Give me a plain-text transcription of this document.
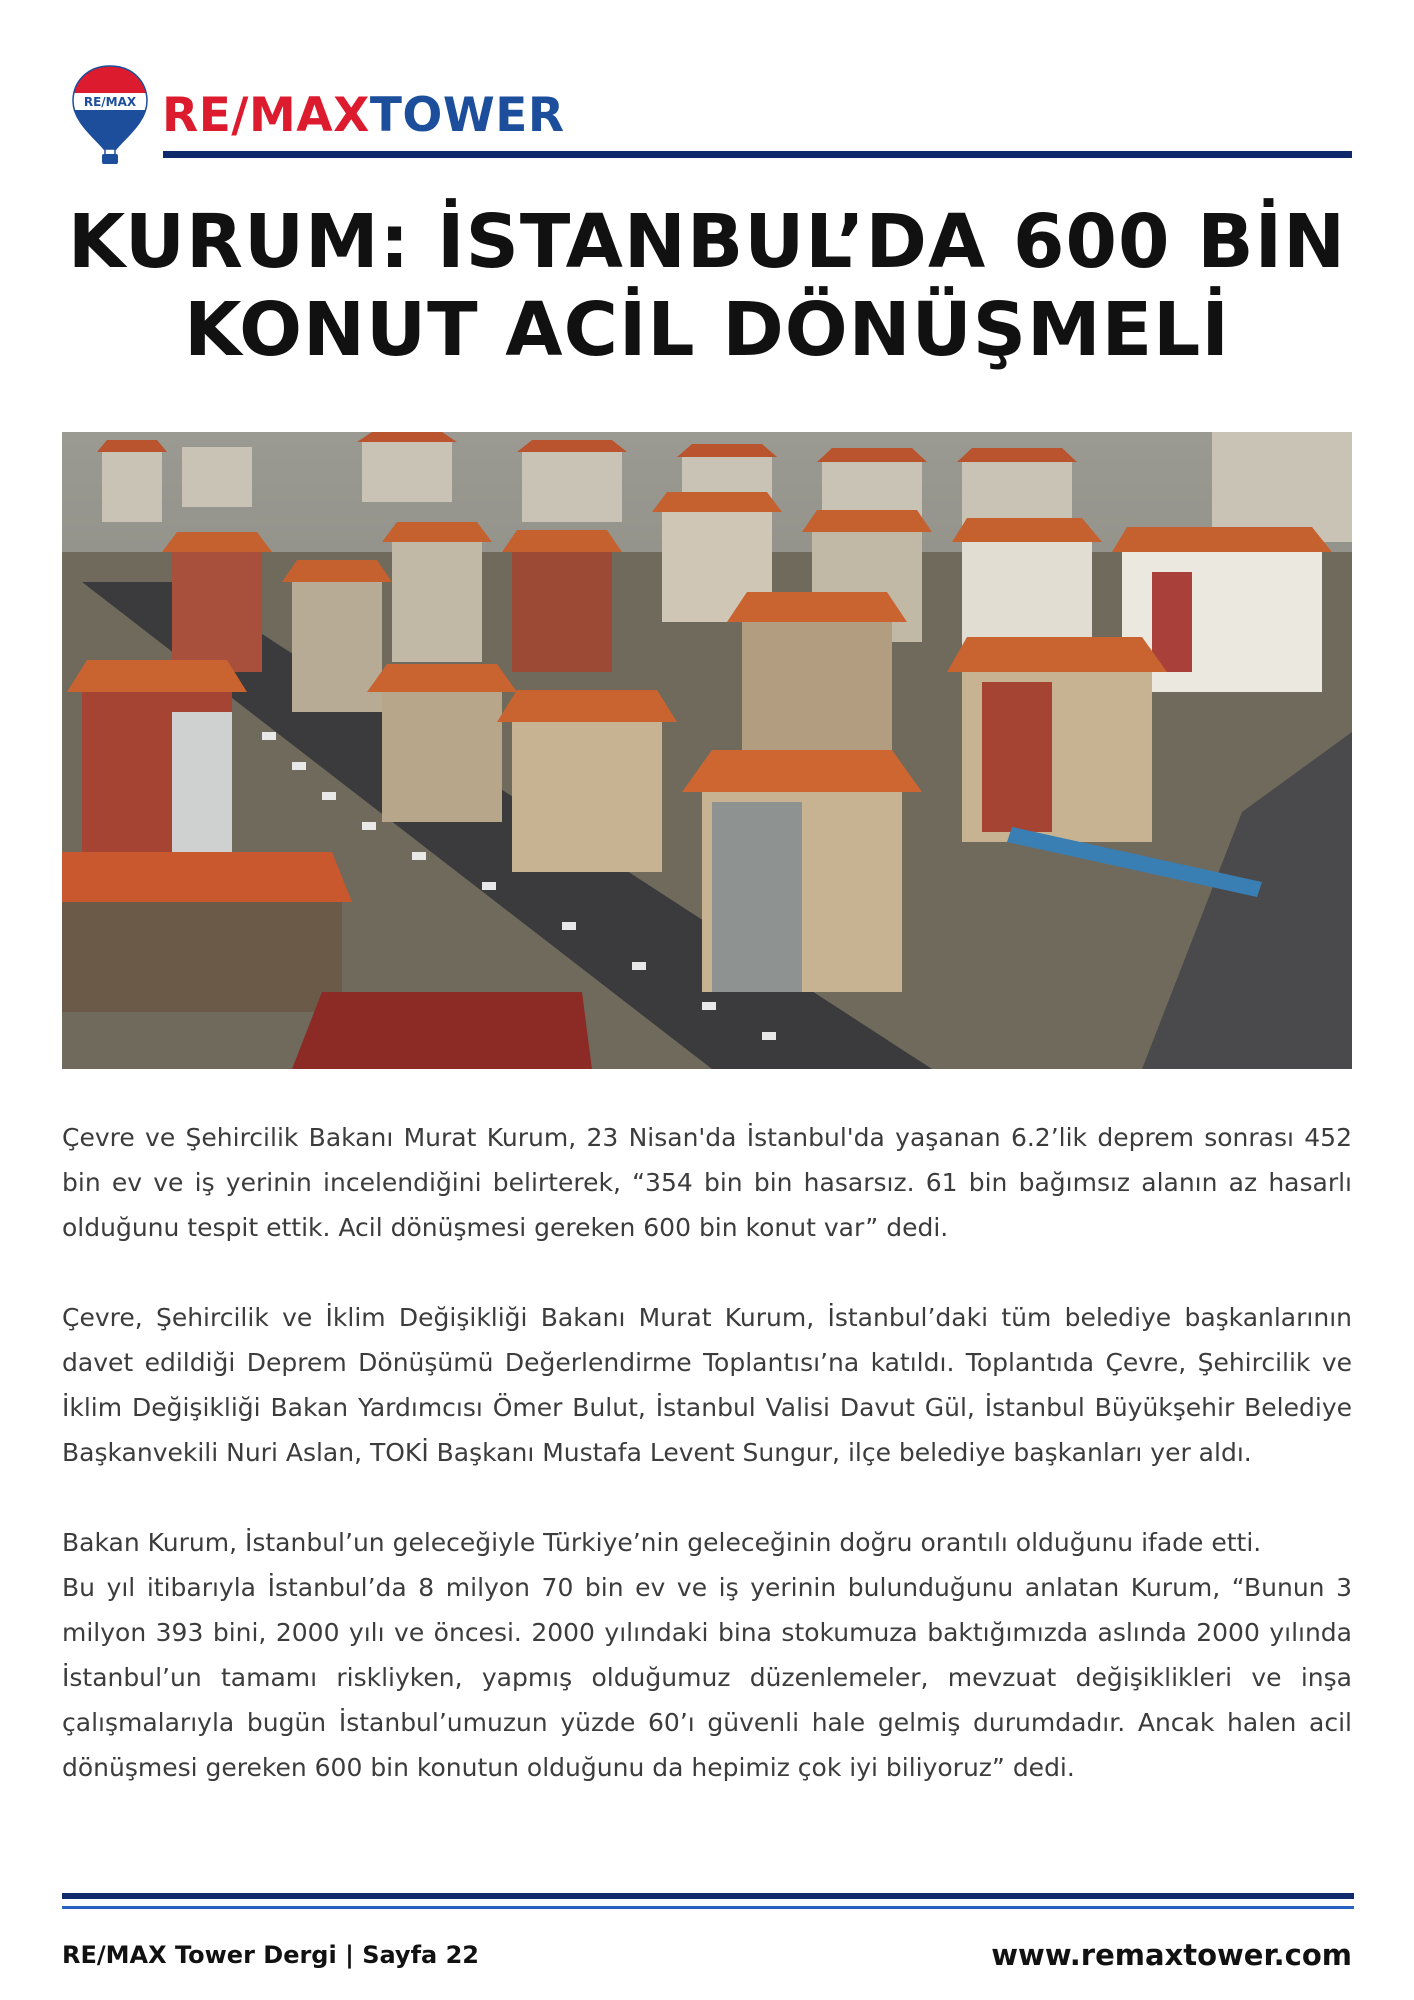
RE/MAX RE/MAXTOWER
KURUM: İSTANBUL’DA 600 BİN
KONUT ACİL DÖNÜŞMELİ

Çevre ve Şehircilik Bakanı Murat Kurum, 23 Nisan'da İstanbul'da yaşanan 6.2’lik deprem sonrası 452 bin ev ve iş yerinin incelendiğini belirterek, “354 bin bin hasarsız. 61 bin bağımsız alanın az hasarlı olduğunu tespit ettik. Acil dönüşmesi gereken 600 bin konut var” dedi.

Çevre, Şehircilik ve İklim Değişikliği Bakanı Murat Kurum, İstanbul’daki tüm belediye başkanlarının davet edildiği Deprem Dönüşümü Değerlendirme Toplantısı’na katıldı. Toplantıda Çevre, Şehircilik ve İklim Değişikliği Bakan Yardımcısı Ömer Bulut, İstanbul Valisi Davut Gül, İstanbul Büyükşehir Belediye Başkanvekili Nuri Aslan, TOKİ Başkanı Mustafa Levent Sungur, ilçe belediye başkanları yer aldı.

Bakan Kurum, İstanbul’un geleceğiyle Türkiye’nin geleceğinin doğru orantılı olduğunu ifade etti.

Bu yıl itibarıyla İstanbul’da 8 milyon 70 bin ev ve iş yerinin bulunduğunu anlatan Kurum, “Bunun 3 milyon 393 bini, 2000 yılı ve öncesi. 2000 yılındaki bina stokumuza baktığımızda aslında 2000 yılında İstanbul’un tamamı riskliyken, yapmış olduğumuz düzenlemeler, mevzuat değişiklikleri ve inşa çalışmalarıyla bugün İstanbul’umuzun yüzde 60’ı güvenli hale gelmiş durumdadır. Ancak halen acil dönüşmesi gereken 600 bin konutun olduğunu da hepimiz çok iyi biliyoruz” dedi.

RE/MAX Tower Dergi | Sayfa 22	www.remaxtower.com
